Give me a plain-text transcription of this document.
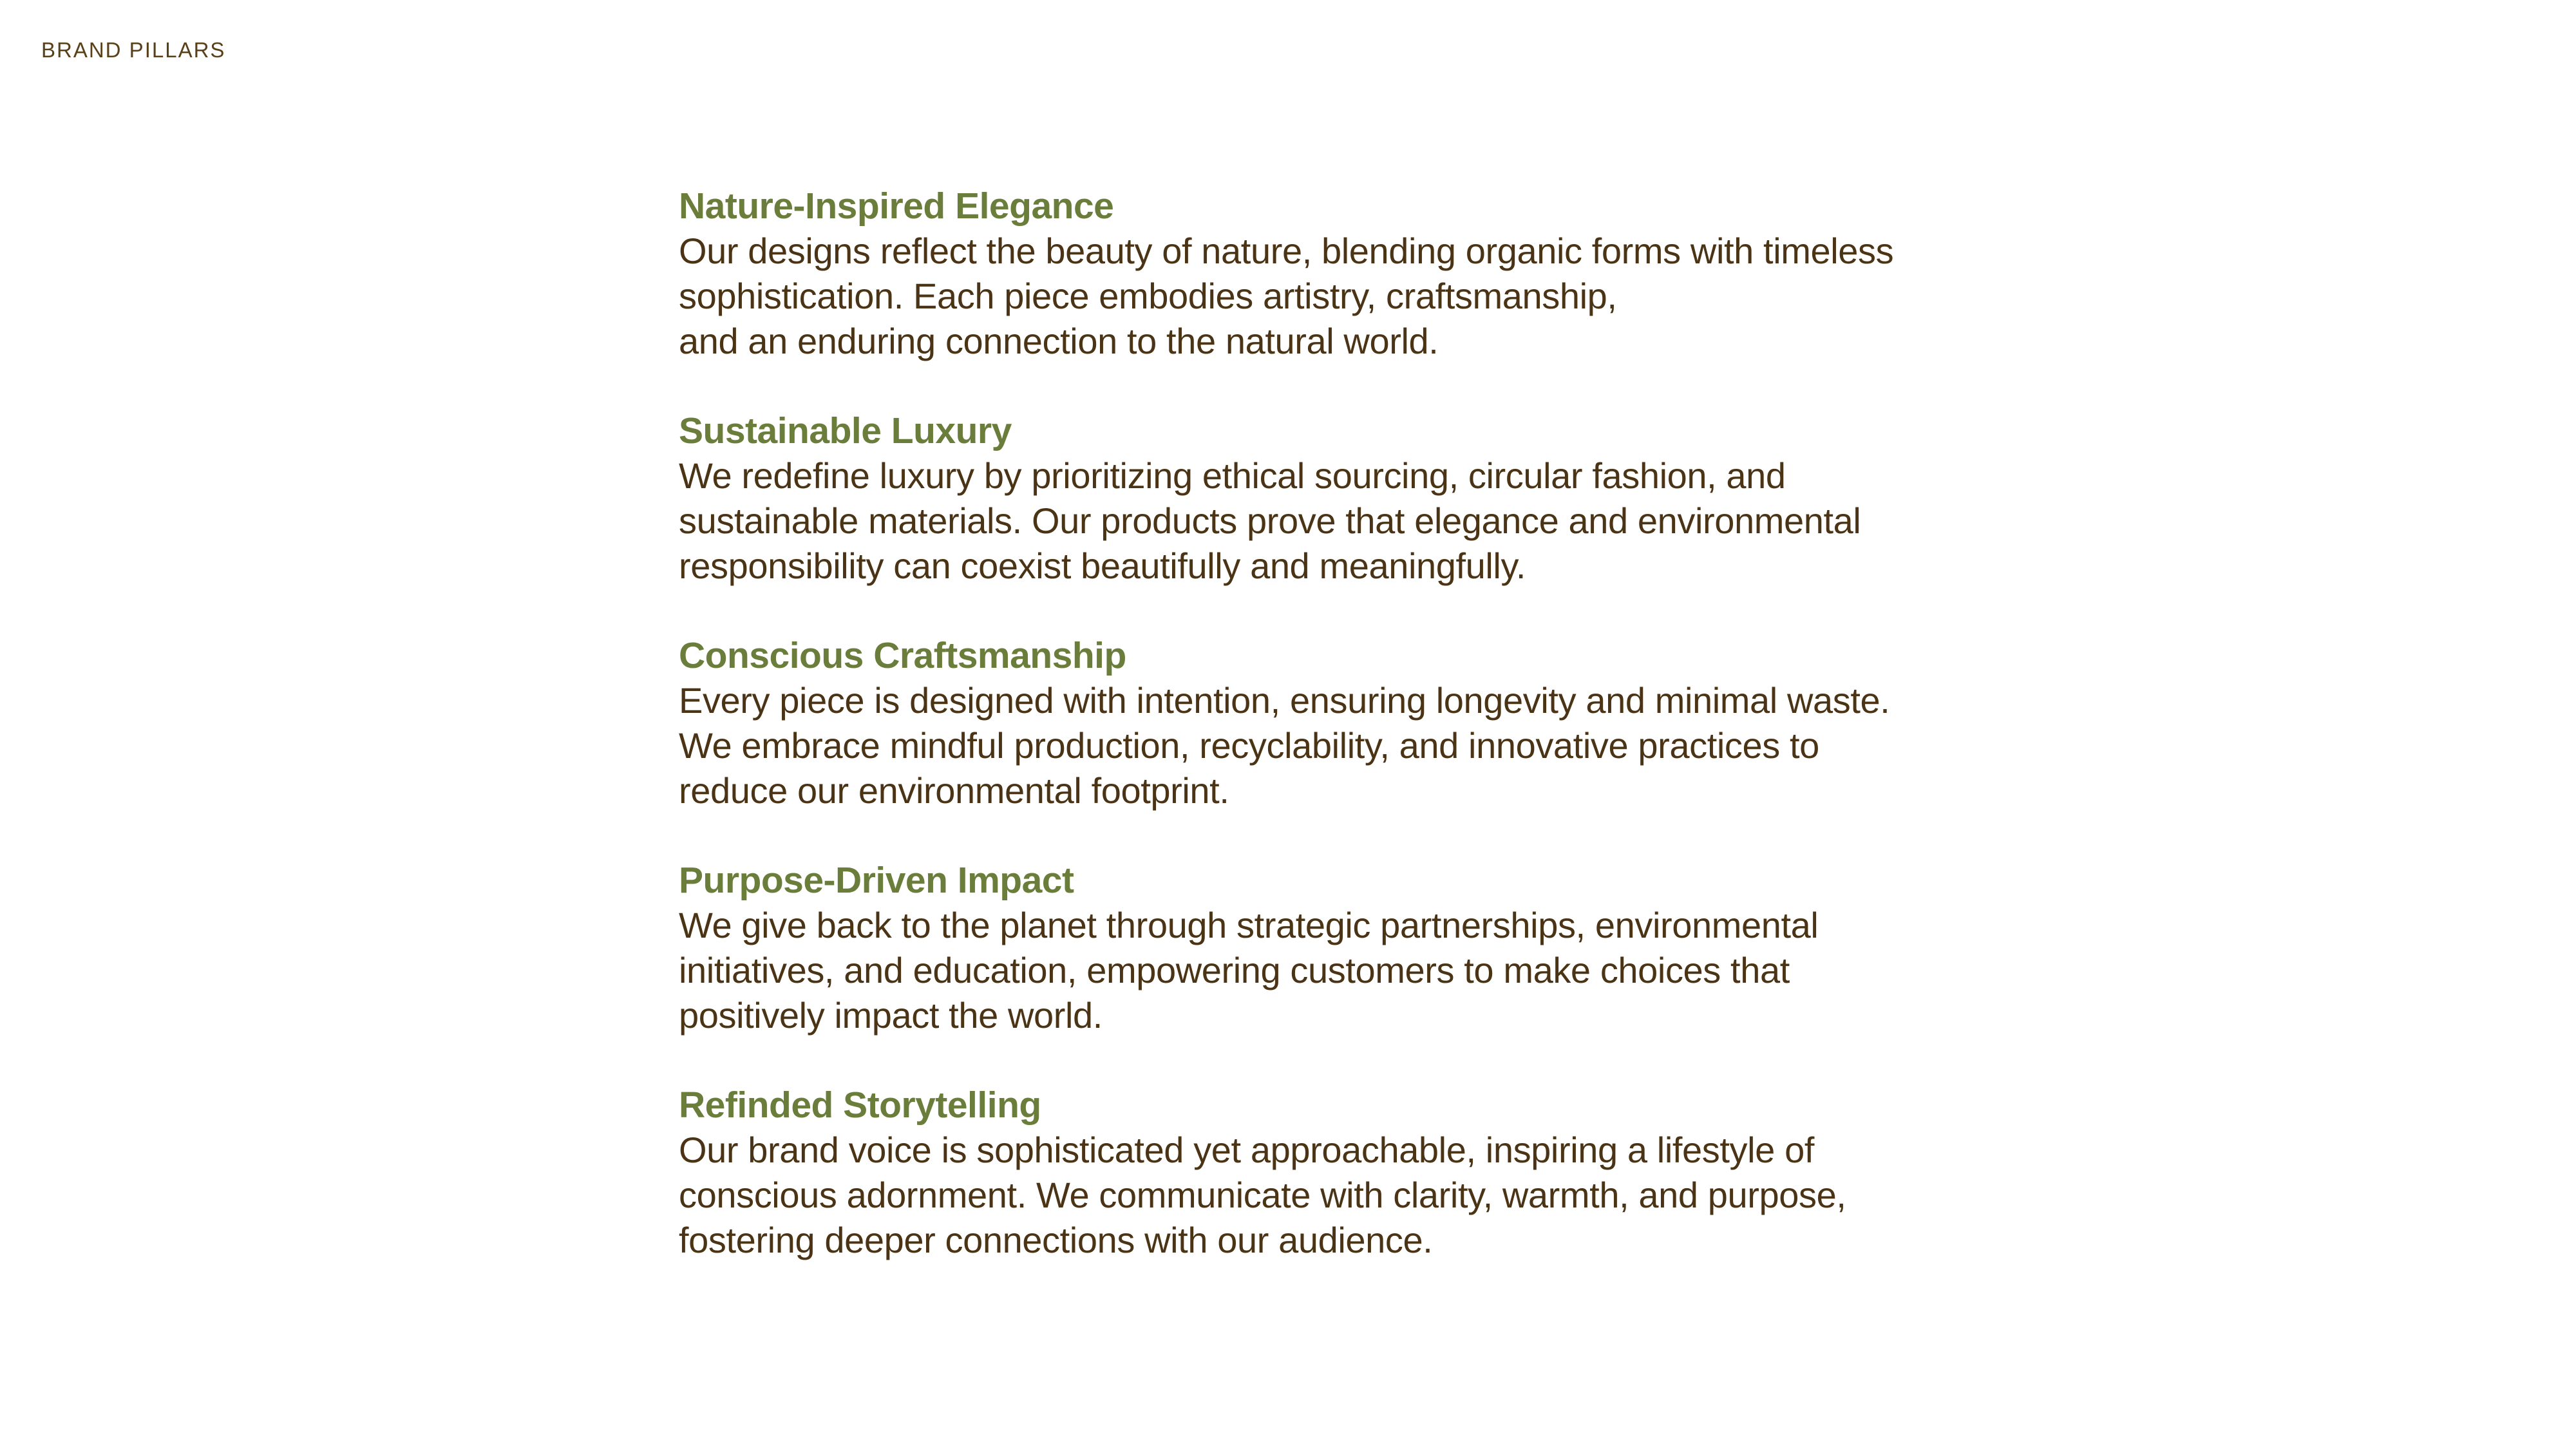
BRAND PILLARS
Nature-Inspired Elegance
Our designs reflect the beauty of nature, blending organic forms with timeless
sophistication. Each piece embodies artistry, craftsmanship,
and an enduring connection to the natural world.
Sustainable Luxury
We redefine luxury by prioritizing ethical sourcing, circular fashion, and
sustainable materials. Our products prove that elegance and environmental
responsibility can coexist beautifully and meaningfully.
Conscious Craftsmanship
Every piece is designed with intention, ensuring longevity and minimal waste.
We embrace mindful production, recyclability, and innovative practices to
reduce our environmental footprint.
Purpose-Driven Impact
We give back to the planet through strategic partnerships, environmental
initiatives, and education, empowering customers to make choices that
positively impact the world.
Refinded Storytelling
Our brand voice is sophisticated yet approachable, inspiring a lifestyle of
conscious adornment. We communicate with clarity, warmth, and purpose,
fostering deeper connections with our audience.
